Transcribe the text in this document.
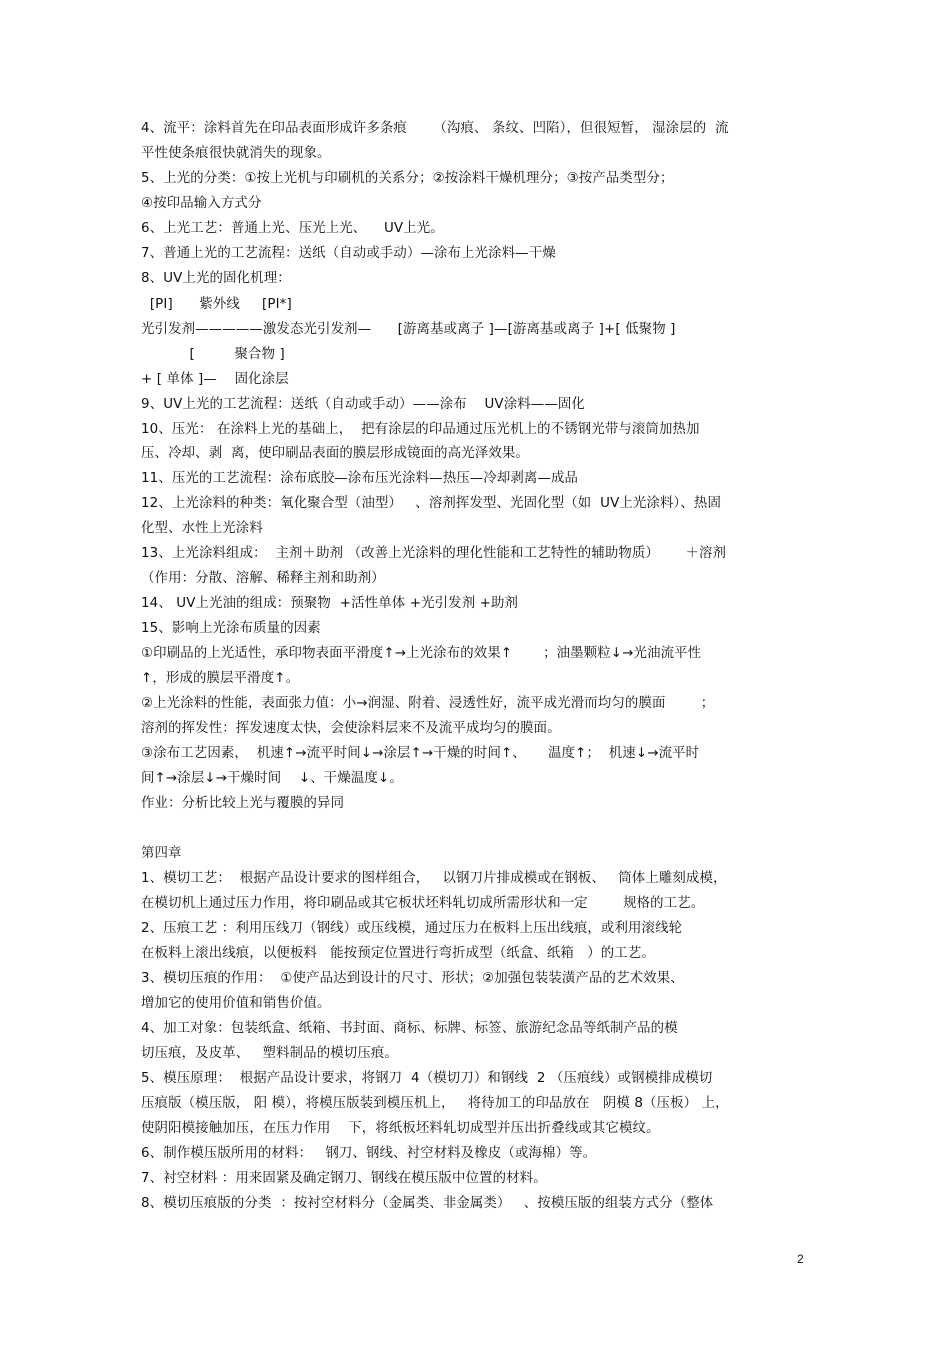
4、流平：涂料首先在印品表面形成许多条痕      （沟痕、 条纹、凹陷），但很短暂， 湿涂层的  流
平性使条痕很快就消失的现象。
5、上光的分类：①按上光机与印刷机的关系分；②按涂料干燥机理分；③按产品类型分；
④按印品输入方式分
6、上光工艺：普通上光、压光上光、    UV上光。
7、普通上光的工艺流程：送纸（自动或手动）—涂布上光涂料—干燥
8、UV上光的固化机理：
[PI]      紫外线     [PI*]
光引发剂—————激发态光引发剂—      [游离基或离子 ]—[游离基或离子 ]+[ 低聚物 ]
[         聚合物 ]
+ [ 单体 ]—    固化涂层
9、UV上光的工艺流程：送纸（自动或手动）——涂布    UV涂料——固化
10、压光： 在涂料上光的基础上，  把有涂层的印品通过压光机上的不锈钢光带与滚筒加热加
压、冷却、剥  离，使印刷品表面的膜层形成镜面的高光泽效果。
11、压光的工艺流程：涂布底胶—涂布压光涂料—热压—冷却剥离—成品
12、上光涂料的种类：氧化聚合型（油型）   、溶剂挥发型、光固化型（如  UV上光涂料）、热固
化型、水性上光涂料
13、上光涂料组成：  主剂＋助剂 （改善上光涂料的理化性能和工艺特性的辅助物质）      ＋溶剂
（作用：分散、溶解、稀释主剂和助剂）
14、 UV上光油的组成：预聚物  +活性单体 +光引发剂 +助剂
15、影响上光涂布质量的因素
①印刷品的上光适性，承印物表面平滑度↑→上光涂布的效果↑       ；油墨颗粒↓→光油流平性
↑，形成的膜层平滑度↑。
②上光涂料的性能，表面张力值：小→润湿、附着、浸透性好，流平成光滑而均匀的膜面        ；
溶剂的挥发性：挥发速度太快，会使涂料层来不及流平成均匀的膜面。
③涂布工艺因素，  机速↑→流平时间↓→涂层↑→干燥的时间↑、     温度↑；  机速↓→流平时
间↑→涂层↓→干燥时间    ↓、干燥温度↓。
作业：分析比较上光与覆膜的异同
第四章
1、模切工艺：  根据产品设计要求的图样组合，   以钢刀片排成模或在钢板、   筒体上雕刻成模，
在模切机上通过压力作用，将印刷品或其它板状坯料轧切成所需形状和一定        规格的工艺。
2、压痕工艺 ：利用压线刀（钢线）或压线模，通过压力在板料上压出线痕，或利用滚线轮
在板料上滚出线痕，以便板料   能按预定位置进行弯折成型（纸盒、纸箱   ）的工艺。
3、模切压痕的作用：  ①使产品达到设计的尺寸、形状；②加强包装装潢产品的艺术效果、
增加它的使用价值和销售价值。
4、加工对象：包装纸盒、纸箱、书封面、商标、标牌、标签、旅游纪念品等纸制产品的模
切压痕，及皮革、   塑料制品的模切压痕。
5、模压原理：  根据产品设计要求，将钢刀  4（模切刀）和钢线  2 （压痕线）或钢模排成模切
压痕版（模压版， 阳 模），将模压版装到模压机上，   将待加工的印品放在   阴模 8（压板） 上，
使阴阳模接触加压，在压力作用    下，将纸板坯料轧切成型并压出折叠线或其它模纹。
6、制作模压版所用的材料：   钢刀、钢线、衬空材料及橡皮（或海棉）等。
7、衬空材料 ：用来固紧及确定钢刀、钢线在模压版中位置的材料。
8、模切压痕版的分类  ：按衬空材料分（金属类、非金属类）   、按模压版的组装方式分（整体
2
